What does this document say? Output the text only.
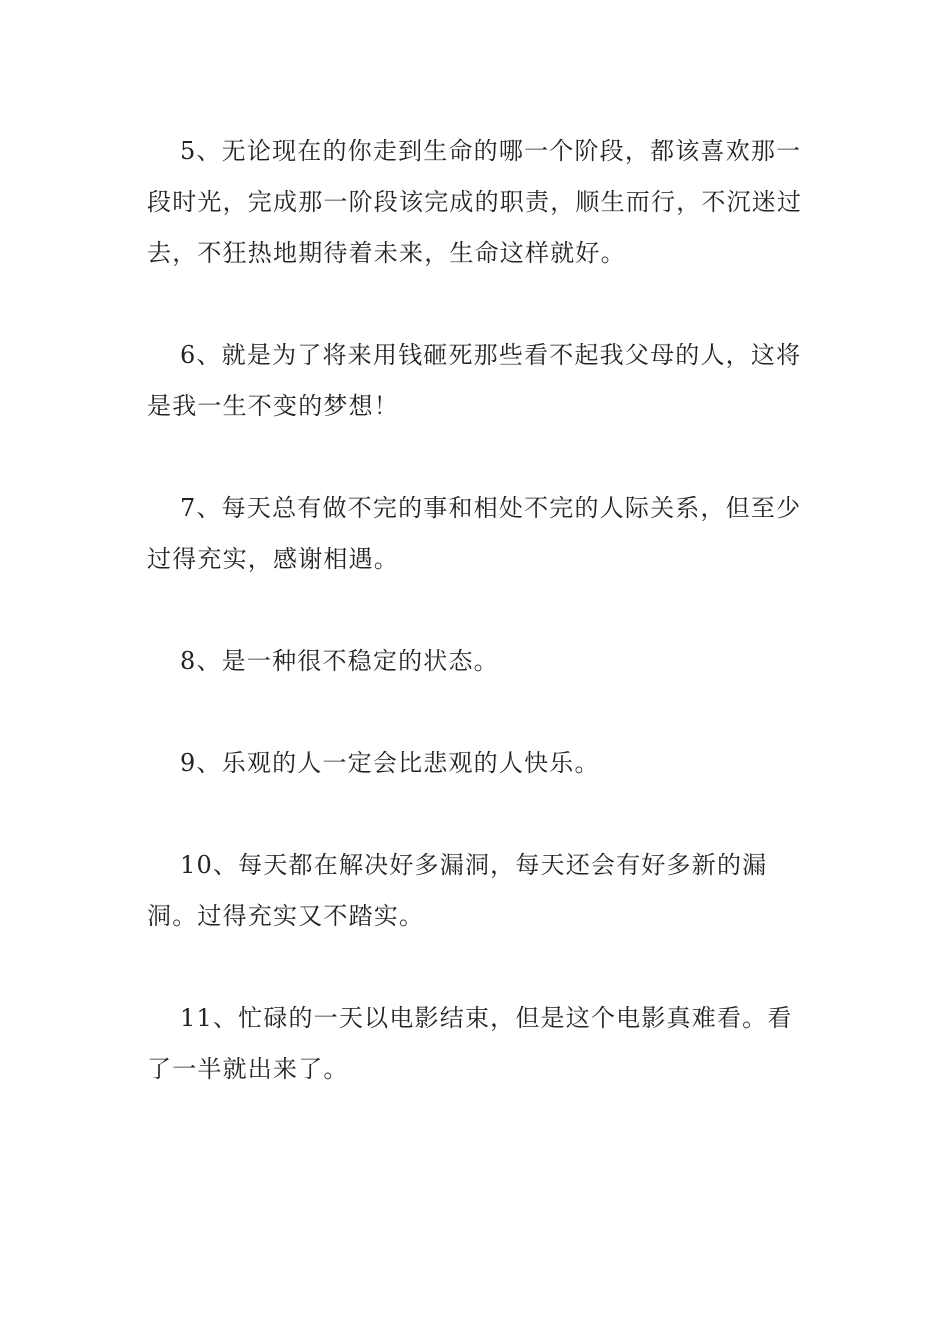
5、无论现在的你走到生命的哪一个阶段，都该喜欢那一段时光，完成那一阶段该完成的职责，顺生而行，不沉迷过去，不狂热地期待着未来，生命这样就好。

6、就是为了将来用钱砸死那些看不起我父母的人，这将是我一生不变的梦想！

7、每天总有做不完的事和相处不完的人际关系，但至少过得充实，感谢相遇。

8、是一种很不稳定的状态。

9、乐观的人一定会比悲观的人快乐。

10、每天都在解决好多漏洞，每天还会有好多新的漏洞。过得充实又不踏实。

11、忙碌的一天以电影结束，但是这个电影真难看。看了一半就出来了。
